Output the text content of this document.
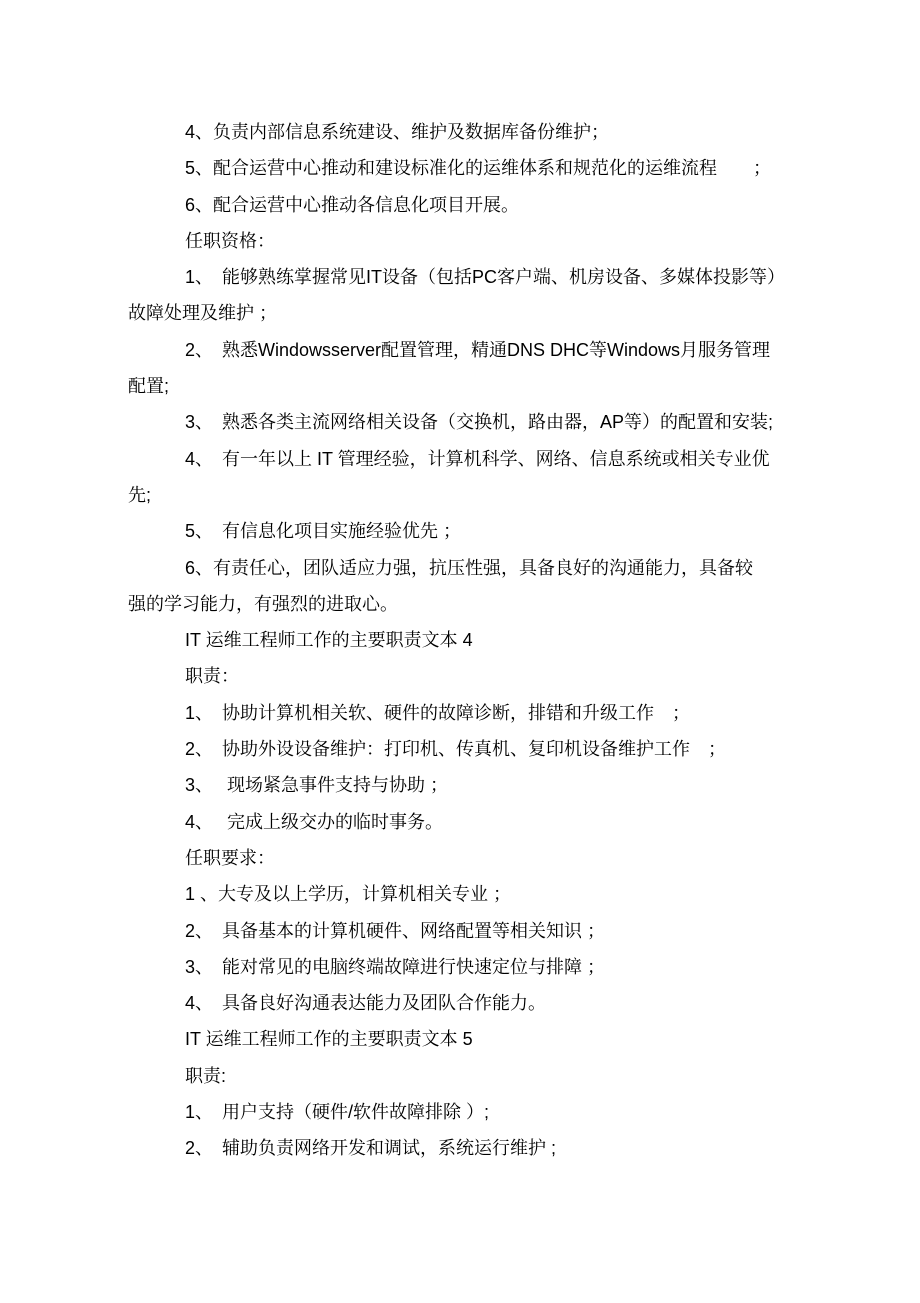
4、负责内部信息系统建设、维护及数据库备份维护；
5、配合运营中心推动和建设标准化的运维体系和规范化的运维流程　　；
6、配合运营中心推动各信息化项目开展。
任职资格：
1、　能够熟练掌握常见IT设备（包括PC客户端、机房设备、多媒体投影等）
故障处理及维护 ；
2、　熟悉Windowsserver配置管理，精通DNS DHC等Windows月服务管理
配置;
3、　熟悉各类主流网络相关设备（交换机，路由器，AP等）的配置和安装;
4、　有一年以上 IT 管理经验，计算机科学、网络、信息系统或相关专业优
先;
5、　有信息化项目实施经验优先 ；
6、有责任心，团队适应力强，抗压性强，具备良好的沟通能力，具备较
强的学习能力，有强烈的进取心。
IT 运维工程师工作的主要职责文本 4
职责：
1、　协助计算机相关软、硬件的故障诊断，排错和升级工作　；
2、　协助外设设备维护：打印机、传真机、复印机设备维护工作　；
3、　 现场紧急事件支持与协助 ；
4、　 完成上级交办的临时事务。
任职要求：
1 、大专及以上学历，计算机相关专业 ；
2、　具备基本的计算机硬件、网络配置等相关知识 ；
3、　能对常见的电脑终端故障进行快速定位与排障 ；
4、　具备良好沟通表达能力及团队合作能力。
IT 运维工程师工作的主要职责文本 5
职责:
1、　用户支持（硬件/软件故障排除 ）;
2、　辅助负责网络开发和调试，系统运行维护 ;
